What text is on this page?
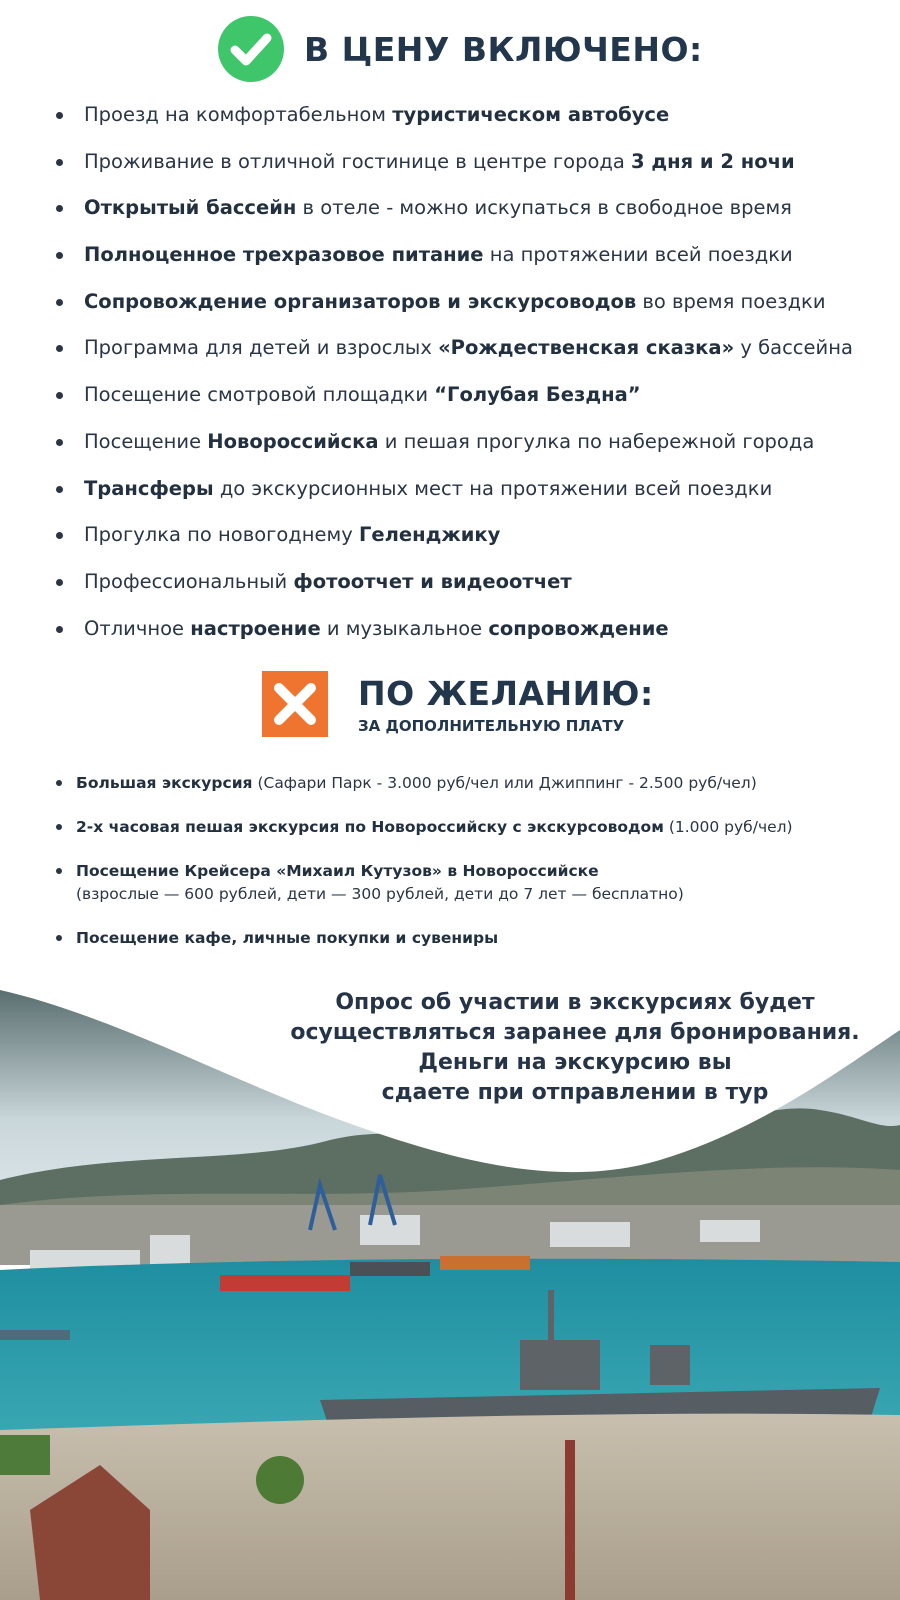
В ЦЕНУ ВКЛЮЧЕНО:
Проезд на комфортабельном туристическом автобусе
Проживание в отличной гостинице в центре города 3 дня и 2 ночи
Открытый бассейн в отеле - можно искупаться в свободное время
Полноценное трехразовое питание на протяжении всей поездки
Сопровождение организаторов и экскурсоводов во время поездки
Программа для детей и взрослых «Рождественская сказка» у бассейна
Посещение смотровой площадки “Голубая Бездна”
Посещение Новороссийска и пешая прогулка по набережной города
Трансферы до экскурсионных мест на протяжении всей поездки
Прогулка по новогоднему Геленджику
Профессиональный фотоотчет и видеоотчет
Отличное настроение и музыкальное сопровождение
ПО ЖЕЛАНИЮ:
ЗА ДОПОЛНИТЕЛЬНУЮ ПЛАТУ
Большая экскурсия (Сафари Парк - 3.000 руб/чел или Джиппинг - 2.500 руб/чел)
2-х часовая пешая экскурсия по Новороссийску с экскурсоводом (1.000 руб/чел)
Посещение Крейсера «Михаил Кутузов» в Новороссийске
(взрослые — 600 рублей, дети — 300 рублей, дети до 7 лет — бесплатно)
Посещение кафе, личные покупки и сувениры
Опрос об участии в экскурсиях будет
осуществляться заранее для бронирования.
Деньги на экскурсию вы
сдаете при отправлении в тур
